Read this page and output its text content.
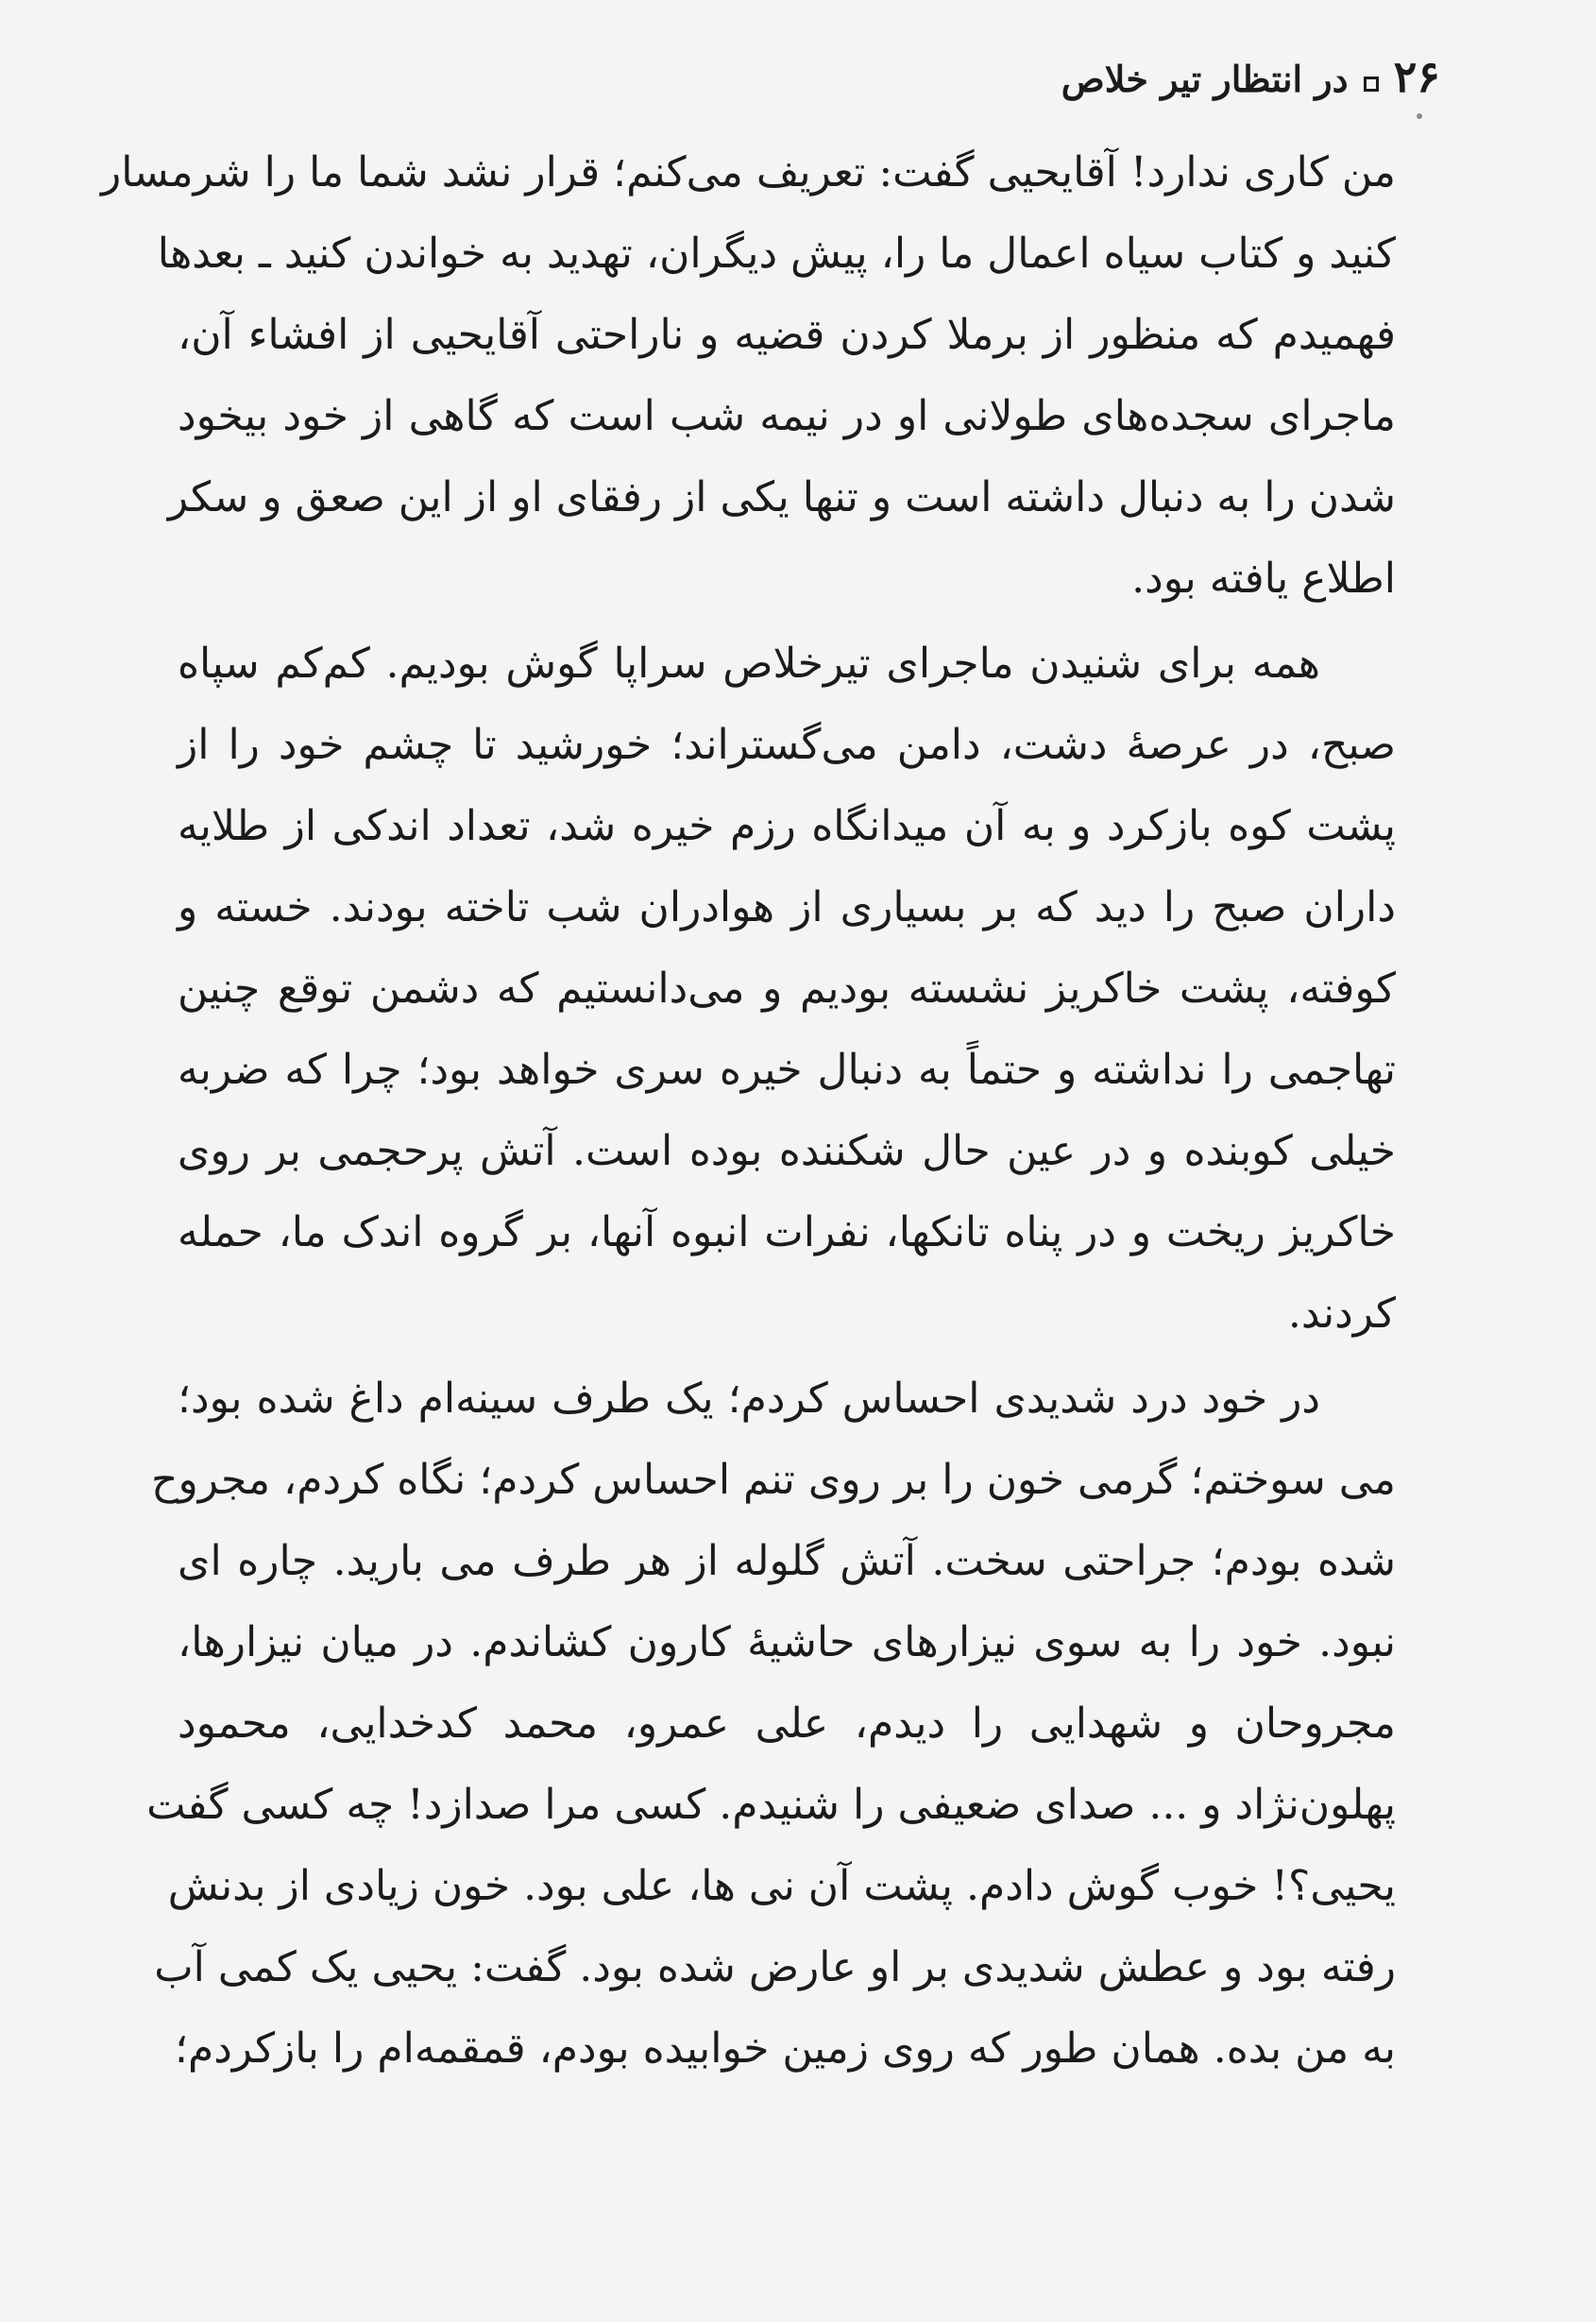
۲۶
در انتظار تیر خلاص
من کاری ندارد! آقایحیی گفت: تعریف می‌کنم؛ قرار نشد شما ما را شرمسار
کنید و کتاب سیاه اعمال ما را، پیش دیگران، تهدید به خواندن کنید ـ بعدها
فهمیدم که منظور از برملا کردن قضیه و ناراحتی آقایحیی از افشاء آن،
ماجرای سجده‌های طولانی او در نیمه شب است که گاهی از خود بیخود
شدن را به دنبال داشته است و تنها یکی از رفقای او از این صعق و سکر
اطلاع یافته بود.
همه برای شنیدن ماجرای تیرخلاص سراپا گوش بودیم. کم‌کم سپاه
صبح، در عرصهٔ دشت، دامن می‌گستراند؛ خورشید تا چشم خود را از
پشت کوه بازکرد و به آن میدانگاه رزم خیره شد، تعداد اندکی از طلایه
داران صبح را دید که بر بسیاری از هوادران شب تاخته بودند. خسته و
کوفته، پشت خاکریز نشسته بودیم و می‌دانستیم که دشمن توقع چنین
تهاجمی را نداشته و حتماً به دنبال خیره سری خواهد بود؛ چرا که ضربه
خیلی کوبنده و در عین حال شکننده بوده است. آتش پرحجمی بر روی
خاکریز ریخت و در پناه تانکها، نفرات انبوه آنها، بر گروه اندک ما، حمله
کردند.
در خود درد شدیدی احساس کردم؛ یک طرف سینه‌ام داغ شده بود؛
می سوختم؛ گرمی خون را بر روی تنم احساس کردم؛ نگاه کردم، مجروح
شده بودم؛ جراحتی سخت. آتش گلوله از هر طرف می بارید. چاره ای
نبود. خود را به سوی نیزارهای حاشیهٔ کارون کشاندم. در میان نیزارها،
مجروحان و شهدایی را دیدم، علی عمرو، محمد کدخدایی، محمود
پهلون‌نژاد و ... صدای ضعیفی را شنیدم. کسی مرا صدازد! چه کسی گفت
یحیی؟! خوب گوش دادم. پشت آن نی ها، علی بود. خون زیادی از بدنش
رفته بود و عطش شدیدی بر او عارض شده بود. گفت: یحیی یک کمی آب
به من بده. همان طور که روی زمین خوابیده بودم، قمقمه‌ام را بازکردم؛
